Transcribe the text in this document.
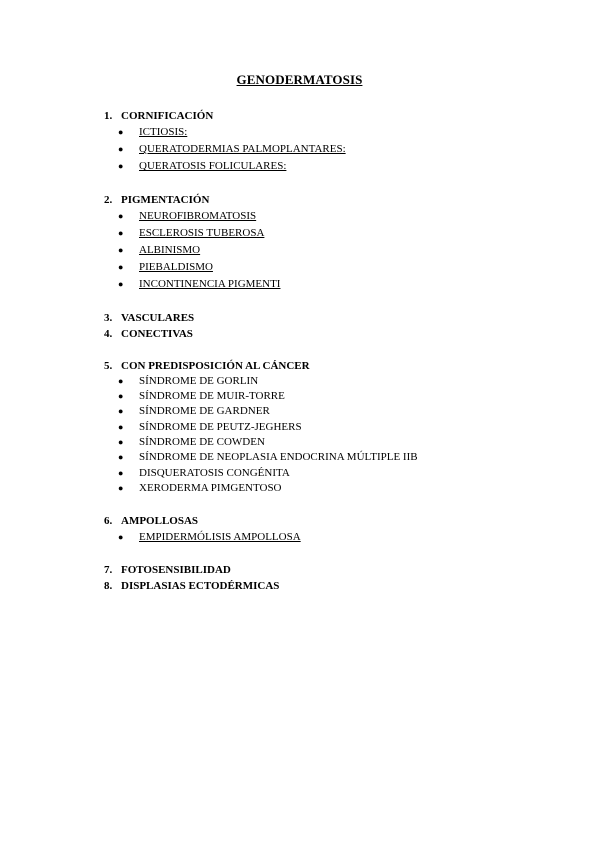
GENODERMATOSIS
1. CORNIFICACIÓN
● ICTIOSIS:
● QUERATODERMIAS PALMOPLANTARES:
● QUERATOSIS FOLICULARES:
2. PIGMENTACIÓN
● NEUROFIBROMATOSIS
● ESCLEROSIS TUBEROSA
● ALBINISMO
● PIEBALDISMO
● INCONTINENCIA PIGMENTI
3. VASCULARES
4. CONECTIVAS
5. CON PREDISPOSICIÓN AL CÁNCER
● SÍNDROME DE GORLIN
● SÍNDROME DE MUIR-TORRE
● SÍNDROME DE GARDNER
● SÍNDROME DE PEUTZ-JEGHERS
● SÍNDROME DE COWDEN
● SÍNDROME DE NEOPLASIA ENDOCRINA MÚLTIPLE IIB
● DISQUERATOSIS CONGÉNITA
● XERODERMA PIMGENTOSO
6. AMPOLLOSAS
● EMPIDERMÓLISIS AMPOLLOSA
7. FOTOSENSIBILIDAD
8. DISPLASIAS ECTODÉRMICAS
